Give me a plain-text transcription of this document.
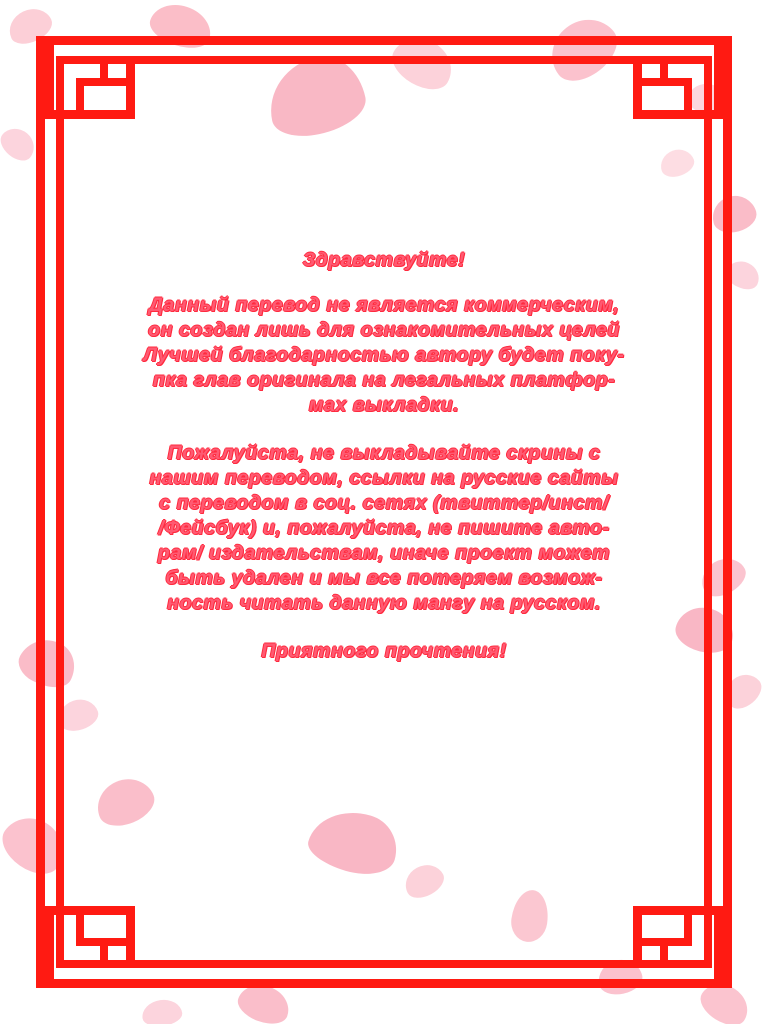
Здравствуйте!
Данный перевод не является коммерческим,
он создан лишь для ознакомительных целей
Лучшей благодарностью автору будет поку-
пка глав оригинала на легальных платфор-
мах выкладки.
Пожалуйста, не выкладывайте скрины с
нашим переводом, ссылки на русские сайты
с переводом в соц. сетях (твиттер/инст/
/Фейсбук) и, пожалуйста, не пишите авто-
рам/ издательствам, иначе проект может
быть удален и мы все потеряем возмож-
ность читать данную мангу на русском.
Приятного прочтения!
